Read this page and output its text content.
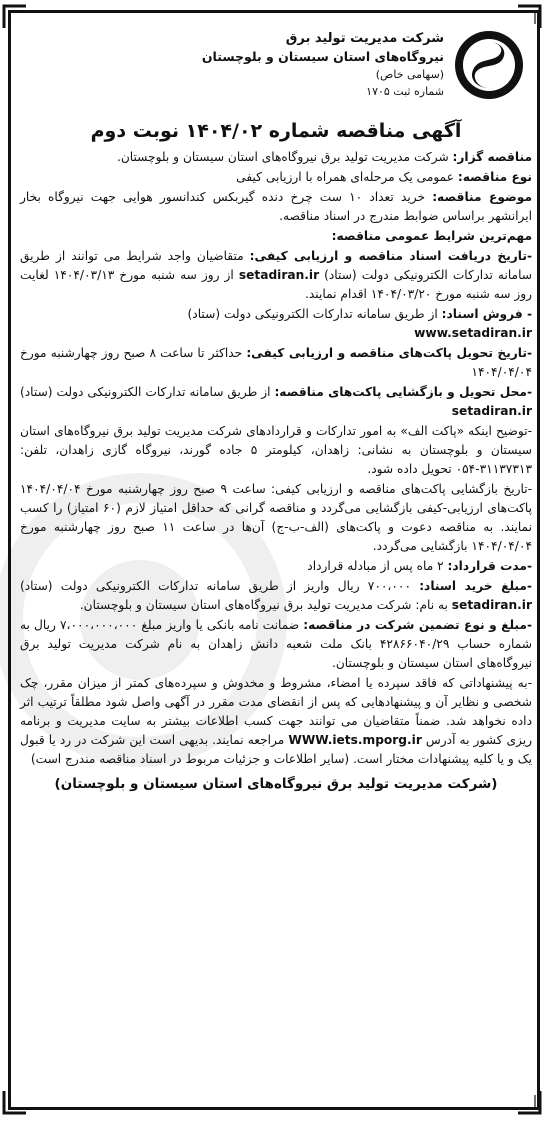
شرکت مدیریت تولید برق
نیروگاه‌های استان سیستان و بلوچستان
(سهامی خاص)
شماره ثبت ۱۷۰۵
آگهی مناقصه شماره ۱۴۰۴/۰۲ نوبت دوم

مناقصه گزار: شرکت مدیریت تولید برق نیروگاه‌های استان سیستان و بلوچستان.

نوع مناقصه: عمومی یک مرحله‌ای همراه با ارزیابی کیفی

موضوع مناقصه: خرید تعداد ۱۰ ست چرخ دنده گیربکس کندانسور هوایی جهت نیروگاه بخار ایرانشهر براساس ضوابط مندرج در اسناد مناقصه.

مهم‌ترین شرایط عمومی مناقصه:

-تاریخ دریافت اسناد مناقصه و ارزیابی کیفی: متقاضیان واجد شرایط می توانند از طریق سامانه تدارکات الکترونیکی دولت (ستاد) setadiran.ir از روز سه شنبه مورخ ۱۴۰۴/۰۳/۱۳ لغایت روز سه شنبه مورخ ۱۴۰۴/۰۳/۲۰ اقدام نمایند.

- فروش اسناد: از طریق سامانه تدارکات الکترونیکی دولت (ستاد)
www.setadiran.ir

-تاریخ تحویل پاکت‌های مناقصه و ارزیابی کیفی: حداکثر تا ساعت ۸ صبح روز چهارشنبه مورخ ۱۴۰۴/۰۴/۰۴

-محل تحویل و بازگشایی پاکت‌های مناقصه: از طریق سامانه تدارکات الکترونیکی دولت (ستاد) setadiran.ir

-توضیح اینکه «پاکت الف» به امور تدارکات و قراردادهای شرکت مدیریت تولید برق نیروگاه‌های استان سیستان و بلوچستان به نشانی: زاهدان، کیلومتر ۵ جاده گورند، نیروگاه گازی زاهدان، تلفن: ۳۱۱۳۷۳۱۳-۰۵۴ تحویل داده شود.

-تاریخ بازگشایی پاکت‌های مناقصه و ارزیابی کیفی: ساعت ۹ صبح روز چهارشنبه مورخ ۱۴۰۴/۰۴/۰۴ پاکت‌های ارزیابی-کیفی بازگشایی می‌گردد و مناقصه گرانی که حداقل امتیاز لازم (۶۰ امتیاز) را کسب نمایند. به مناقصه دعوت و پاکت‌های (الف-ب-ج) آن‌ها در ساعت ۱۱ صبح روز چهارشنبه مورخ ۱۴۰۴/۰۴/۰۴ بازگشایی می‌گردد.

-مدت قرارداد: ۲ ماه پس از مبادله قرارداد

-مبلغ خرید اسناد: ۷۰۰،۰۰۰ ریال واریز از طریق سامانه تدارکات الکترونیکی دولت (ستاد) setadiran.ir به نام: شرکت مدیریت تولید برق نیروگاه‌های استان سیستان و بلوچستان.

-مبلغ و نوع تضمین شرکت در مناقصه: ضمانت نامه بانکی یا واریز مبلغ ۷،۰۰۰،۰۰۰،۰۰۰ ریال به شماره حساب ۴۲۸۶۶۰۴۰/۲۹ بانک ملت شعبه دانش زاهدان به نام شرکت مدیریت تولید برق نیروگاه‌های استان سیستان و بلوچستان.

-به پیشنهاداتی که فاقد سپرده یا امضاء، مشروط و مخدوش و سپرده‌های کمتر از میزان مقرر، چک شخصی و نظایر آن و پیشنهادهایی که پس از انقضای مدت مقرر در آگهی واصل شود مطلقاً ترتیب اثر داده نخواهد شد. ضمناً متقاضیان می توانند جهت کسب اطلاعات بیشتر به سایت مدیریت و برنامه ریزی کشور به آدرس WWW.iets.mporg.ir مراجعه نمایند. بدیهی است این شرکت در رد یا قبول یک و یا کلیه پیشنهادات مختار است. (سایر اطلاعات و جزئیات مربوط در اسناد مناقصه مندرج است)

(شرکت مدیریت تولید برق نیروگاه‌های استان سیستان و بلوچستان)
